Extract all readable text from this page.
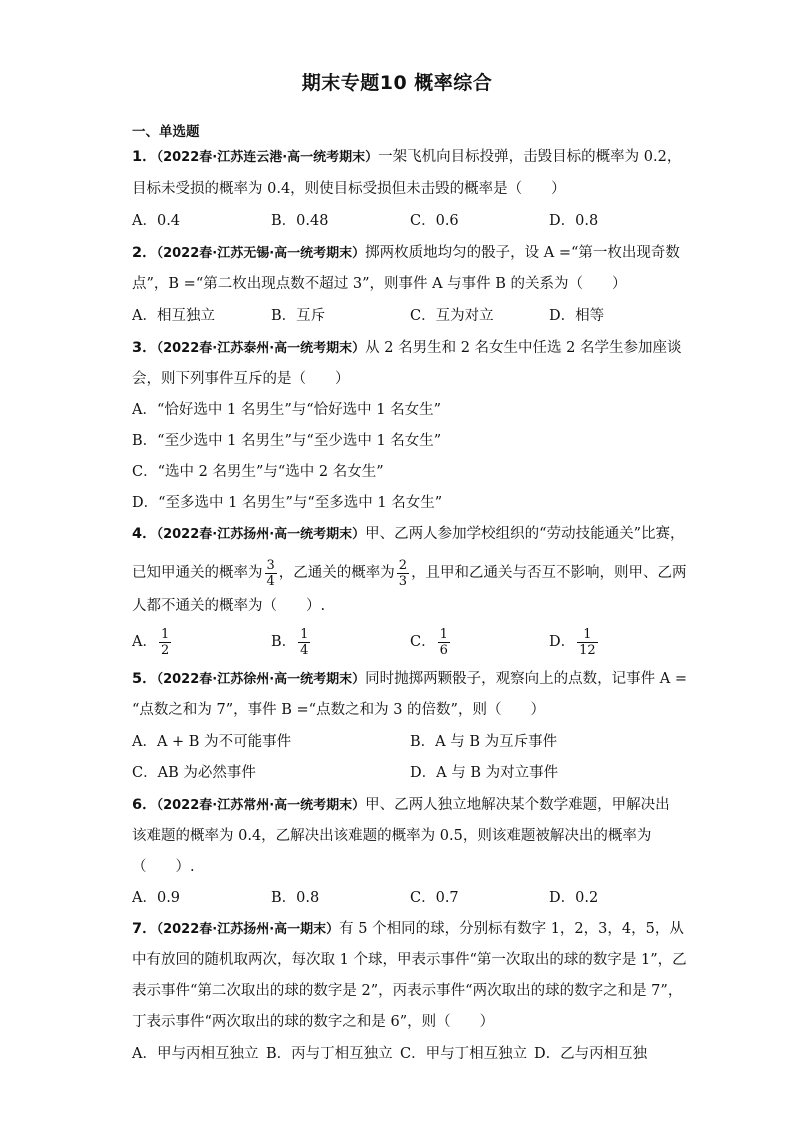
期末专题10 概率综合
一、单选题
1．（2022春·江苏连云港·高一统考期末）一架飞机向目标投弹，击毁目标的概率为 0.2，
目标未受损的概率为 0.4，则使目标受损但未击毁的概率是（　　）
A．0.4	B．0.48	C．0.6	D．0.8
2．（2022春·江苏无锡·高一统考期末）掷两枚质地均匀的骰子，设 A =“第一枚出现奇数
点”，B =“第二枚出现点数不超过 3”，则事件 A 与事件 B 的关系为（　　）
A．相互独立	B．互斥	C．互为对立	D．相等
3．（2022春·江苏泰州·高一统考期末）从 2 名男生和 2 名女生中任选 2 名学生参加座谈
会，则下列事件互斥的是（　　）
A．“恰好选中 1 名男生”与“恰好选中 1 名女生”
B．“至少选中 1 名男生”与“至少选中 1 名女生”
C．“选中 2 名男生”与“选中 2 名女生”
D．“至多选中 1 名男生”与“至多选中 1 名女生”
4．（2022春·江苏扬州·高一统考期末）甲、乙两人参加学校组织的“劳动技能通关”比赛，
已知甲通关的概率为 $\frac{3}{4}$ ，乙通关的概率为 $\frac{2}{3}$ ，且甲和乙通关与否互不影响，则甲、乙两
人都不通关的概率为（　　）.
A． $\frac{1}{2}$	B． $\frac{1}{4}$	C． $\frac{1}{6}$	D． $\frac{1}{12}$
5．（2022春·江苏徐州·高一统考期末）同时抛掷两颗骰子，观察向上的点数，记事件 A =
“点数之和为 7”，事件 B =“点数之和为 3 的倍数”，则（　　）
A．A + B 为不可能事件	B．A 与 B 为互斥事件
C．AB 为必然事件	D．A 与 B 为对立事件
6．（2022春·江苏常州·高一统考期末）甲、乙两人独立地解决某个数学难题，甲解决出
该难题的概率为 0.4，乙解决出该难题的概率为 0.5，则该难题被解决出的概率为
（　　）.
A．0.9	B．0.8	C．0.7	D．0.2
7．（2022春·江苏扬州·高一期末）有 5 个相同的球，分别标有数字 1，2，3，4，5，从
中有放回的随机取两次，每次取 1 个球，甲表示事件“第一次取出的球的数字是 1”，乙
表示事件“第二次取出的球的数字是 2”，丙表示事件“两次取出的球的数字之和是 7”，
丁表示事件“两次取出的球的数字之和是 6”，则（　　）
A．甲与丙相互独立 B．丙与丁相互独立 C．甲与丁相互独立 D．乙与丙相互独
